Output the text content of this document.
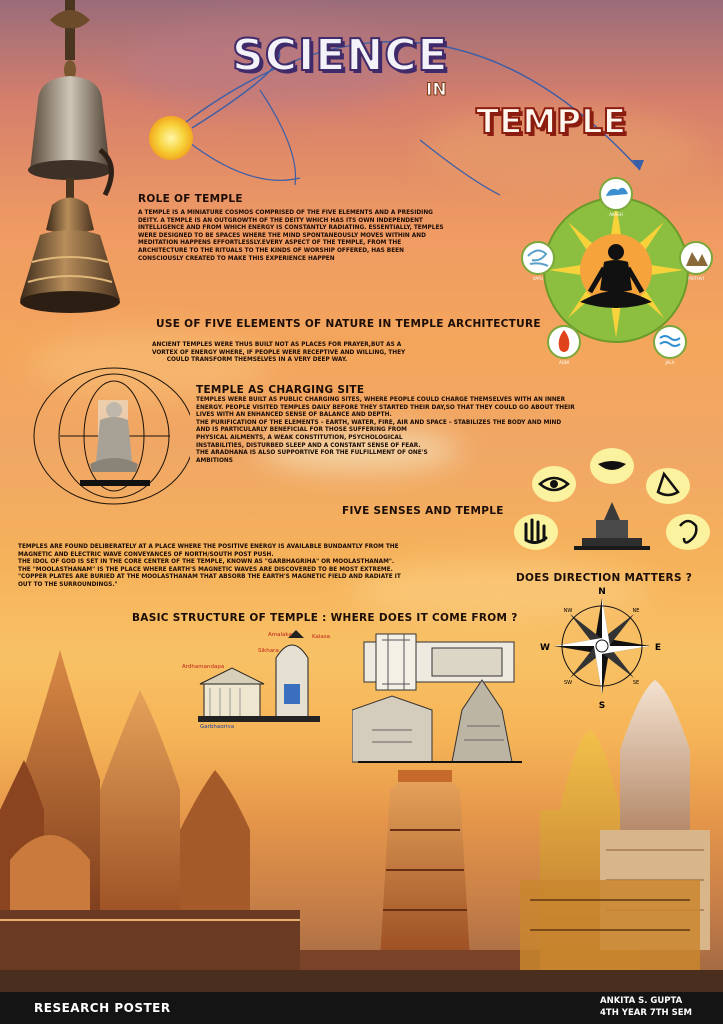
SCIENCE
IN
TEMPLE
ROLE OF TEMPLE
A TEMPLE IS A MINIATURE COSMOS COMPRISED OF THE FIVE ELEMENTS AND A PRESIDING
DEITY. A TEMPLE IS AN OUTGROWTH OF THE DEITY WHICH HAS ITS OWN INDEPENDENT
INTELLIGENCE AND FROM WHICH ENERGY IS CONSTANTLY RADIATING. ESSENTIALLY, TEMPLES
WERE DESIGNED TO BE SPACES WHERE THE MIND SPONTANEOUSLY MOVES WITHIN AND
MEDITATION HAPPENS EFFORTLESSLY.EVERY ASPECT OF THE TEMPLE, FROM THE
ARCHITECTURE TO THE RITUALS TO THE KINDS OF WORSHIP OFFERED, HAS BEEN
CONSCIOUSLY CREATED TO MAKE THIS EXPERIENCE HAPPEN
AKASH
PRITHVI
JALA
AGNI
VAYU
USE OF FIVE ELEMENTS OF NATURE IN TEMPLE ARCHITECTURE
ANCIENT TEMPLES WERE THUS BUILT NOT AS PLACES FOR PRAYER,BUT AS A
VORTEX OF ENERGY WHERE, IF PEOPLE WERE RECEPTIVE AND WILLING, THEY
COULD TRANSFORM THEMSELVES IN A VERY DEEP WAY.
TEMPLE AS CHARGING SITE
TEMPLES WERE BUILT AS PUBLIC CHARGING SITES, WHERE PEOPLE COULD CHARGE THEMSELVES WITH AN INNER
ENERGY. PEOPLE VISITED TEMPLES DAILY BEFORE THEY STARTED THEIR DAY,SO THAT THEY COULD GO ABOUT THEIR
LIVES WITH AN ENHANCED SENSE OF BALANCE AND DEPTH.
THE PURIFICATION OF THE ELEMENTS – EARTH, WATER, FIRE, AIR AND SPACE – STABILIZES THE BODY AND MIND
AND IS PARTICULARLY BENEFICIAL FOR THOSE SUFFERING FROM
PHYSICAL AILMENTS, A WEAK CONSTITUTION, PSYCHOLOGICAL
INSTABILITIES, DISTURBED SLEEP AND A CONSTANT SENSE OF FEAR.
THE ARADHANA IS ALSO SUPPORTIVE FOR THE FULFILLMENT OF ONE'S
AMBITIONS
FIVE SENSES AND TEMPLE
TEMPLES ARE FOUND DELIBERATELY AT A PLACE WHERE THE POSITIVE ENERGY IS AVAILABLE BUNDANTLY FROM THE
MAGNETIC AND ELECTRIC WAVE CONVEYANCES OF NORTH/SOUTH POST PUSH.
THE IDOL OF GOD IS SET IN THE CORE CENTER OF THE TEMPLE, KNOWN AS "GARBHAGRIHA" OR MOOLASTHANAM".
THE "MOOLASTHANAM" IS THE PLACE WHERE EARTH'S MAGNETIC WAVES ARE DISCOVERED TO BE MOST EXTREME.
"COPPER PLATES ARE BURIED AT THE MOOLASTHANAM THAT ABSORB THE EARTH'S MAGNETIC FIELD AND RADIATE IT
OUT TO THE SURROUNDINGS."
DOES DIRECTION MATTERS ?
N
S
E
W
NE
NW
SE
SW
BASIC STRUCTURE OF TEMPLE : WHERE DOES IT COME FROM ?
Amalaka	Kalasa
Sikhara
Ardhamandapa
Garbhagriya
RESEARCH POSTER	ANKITA S. GUPTA
4TH YEAR 7TH SEM
